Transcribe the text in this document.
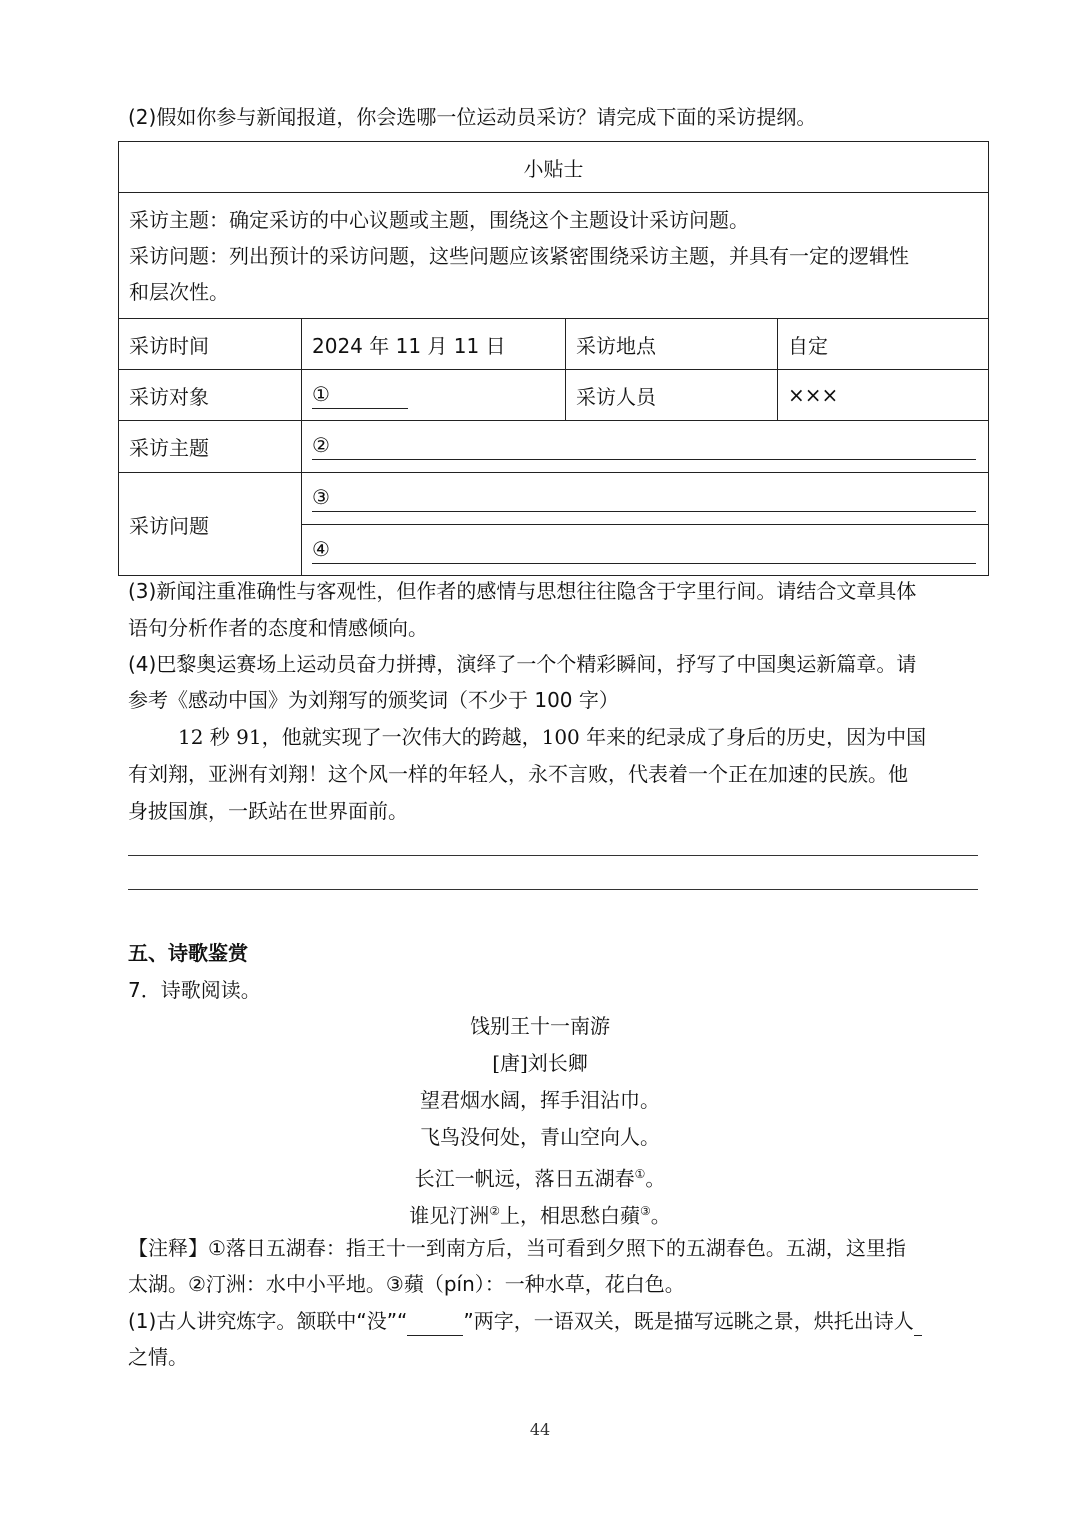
(2)假如你参与新闻报道，你会选哪一位运动员采访？请完成下面的采访提纲。
小贴士			

采访主题：确定采访的中心议题或主题，围绕这个主题设计采访问题。
采访问题：列出预计的采访问题，这些问题应该紧密围绕采访主题，并具有一定的逻辑性
和层次性。			

采访时间	2024 年 11 月 11 日	采访地点	自定
采访对象	①	采访人员	×××
采访主题	②		
采访问题	③		
	④		
(3)新闻注重准确性与客观性，但作者的感情与思想往往隐含于字里行间。请结合文章具体
语句分析作者的态度和情感倾向。
(4)巴黎奥运赛场上运动员奋力拼搏，演绎了一个个精彩瞬间，抒写了中国奥运新篇章。请
参考《感动中国》为刘翔写的颁奖词（不少于 100 字）
12 秒 91，他就实现了一次伟大的跨越，100 年来的纪录成了身后的历史，因为中国
有刘翔，亚洲有刘翔！这个风一样的年轻人，永不言败，代表着一个正在加速的民族。他
身披国旗，一跃站在世界面前。
五、诗歌鉴赏
7．诗歌阅读。
饯别王十一南游
[唐]刘长卿
望君烟水阔，挥手泪沾巾。
飞鸟没何处，青山空向人。
长江一帆远，落日五湖春①。
谁见汀洲②上，相思愁白蘋③。
【注释】①落日五湖春：指王十一到南方后，当可看到夕照下的五湖春色。五湖，这里指
太湖。②汀洲：水中小平地。③蘋（pín）：一种水草，花白色。
(1)古人讲究炼字。颔联中“没”“	”两字，一语双关，既是描写远眺之景，烘托出诗人
之情。
44
